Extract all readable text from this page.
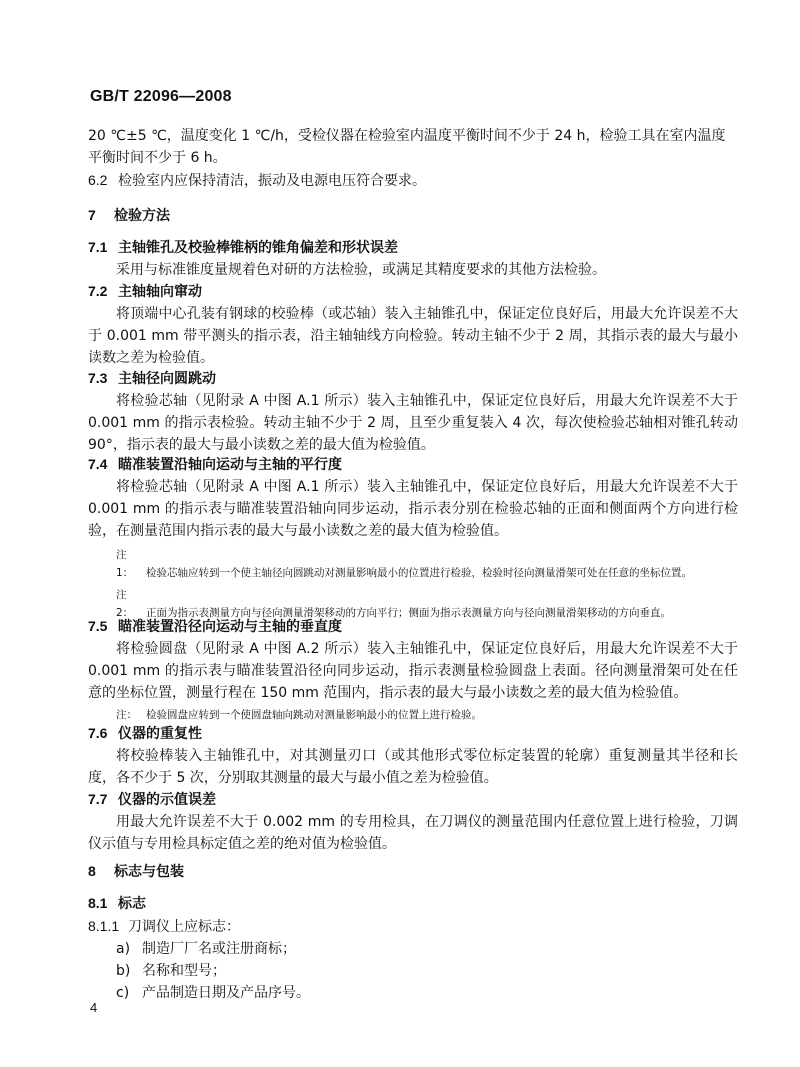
GB/T 22096—2008
20 ℃±5 ℃，温度变化 1 ℃/h，受检仪器在检验室内温度平衡时间不少于 24 h，检验工具在室内温度平衡时间不少于 6 h。
6.2 检验室内应保持清洁，振动及电源电压符合要求。
7 检验方法
7.1 主轴锥孔及校验棒锥柄的锥角偏差和形状误差
采用与标准锥度量规着色对研的方法检验，或满足其精度要求的其他方法检验。
7.2 主轴轴向窜动
将顶端中心孔装有钢球的校验棒（或芯轴）装入主轴锥孔中，保证定位良好后，用最大允许误差不大于 0.001 mm 带平测头的指示表，沿主轴轴线方向检验。转动主轴不少于 2 周，其指示表的最大与最小读数之差为检验值。
7.3 主轴径向圆跳动
将检验芯轴（见附录 A 中图 A.1 所示）装入主轴锥孔中，保证定位良好后，用最大允许误差不大于 0.001 mm 的指示表检验。转动主轴不少于 2 周，且至少重复装入 4 次，每次使检验芯轴相对锥孔转动 90°，指示表的最大与最小读数之差的最大值为检验值。
7.4 瞄准装置沿轴向运动与主轴的平行度
将检验芯轴（见附录 A 中图 A.1 所示）装入主轴锥孔中，保证定位良好后，用最大允许误差不大于 0.001 mm 的指示表与瞄准装置沿轴向同步运动，指示表分别在检验芯轴的正面和侧面两个方向进行检验，在测量范围内指示表的最大与最小读数之差的最大值为检验值。
注 1： 检验芯轴应转到一个使主轴径向圆跳动对测量影响最小的位置进行检验，检验时径向测量滑架可处在任意的坐标位置。
注 2： 正面为指示表测量方向与径向测量滑架移动的方向平行；侧面为指示表测量方向与径向测量滑架移动的方向垂直。
7.5 瞄准装置沿径向运动与主轴的垂直度
将检验圆盘（见附录 A 中图 A.2 所示）装入主轴锥孔中，保证定位良好后，用最大允许误差不大于 0.001 mm 的指示表与瞄准装置沿径向同步运动，指示表测量检验圆盘上表面。径向测量滑架可处在任意的坐标位置，测量行程在 150 mm 范围内，指示表的最大与最小读数之差的最大值为检验值。
注： 检验圆盘应转到一个使圆盘轴向跳动对测量影响最小的位置上进行检验。
7.6 仪器的重复性
将校验棒装入主轴锥孔中，对其测量刃口（或其他形式零位标定装置的轮廓）重复测量其半径和长度，各不少于 5 次，分别取其测量的最大与最小值之差为检验值。
7.7 仪器的示值误差
用最大允许误差不大于 0.002 mm 的专用检具，在刀调仪的测量范围内任意位置上进行检验，刀调仪示值与专用检具标定值之差的绝对值为检验值。
8 标志与包装
8.1 标志
8.1.1 刀调仪上应标志：
a) 制造厂厂名或注册商标；
b) 名称和型号；
c) 产品制造日期及产品序号。
4
